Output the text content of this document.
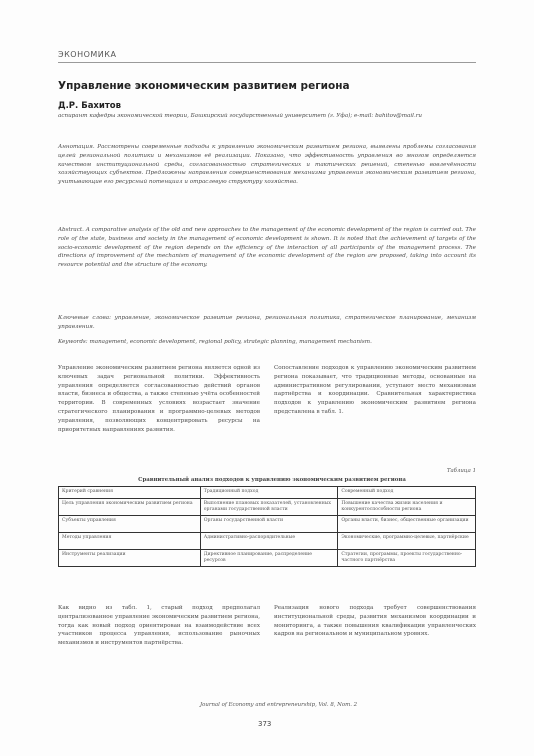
ЭКОНОМИКА
Управление экономическим развитием региона
Д.Р. Бахитов
аспирант кафедры экономической теории, Башкирский государственный университет (г. Уфа); e-mail: bahitov@mail.ru
Аннотация. Рассмотрены современные подходы к управлению экономическим развитием региона, выявлены проблемы согласования целей региональной политики и механизмов её реализации. Показано, что эффективность управления во многом определяется качеством институциональной среды, согласованностью стратегических и тактических решений, степенью вовлечённости хозяйствующих субъектов. Предложены направления совершенствования механизма управления экономическим развитием региона, учитывающие его ресурсный потенциал и отраслевую структуру хозяйства.
Abstract. A comparative analysis of the old and new approaches to the management of the economic development of the region is carried out. The role of the state, business and society in the management of economic development is shown. It is noted that the achievement of targets of the socio-economic development of the region depends on the efficiency of the interaction of all participants of the management process. The directions of improvement of the mechanism of management of the economic development of the region are proposed, taking into account its resource potential and the structure of the economy.
Ключевые слова: управление, экономическое развитие региона, региональная политика, стратегическое планирование, механизм управления.
Keywords: management, economic development, regional policy, strategic planning, management mechanism.
Управление экономическим развитием региона является одной из ключевых задач региональной политики. Эффективность управления определяется согласованностью действий органов власти, бизнеса и общества, а также степенью учёта особенностей территории. В современных условиях возрастает значение стратегического планирования и программно-целевых методов управления, позволяющих концентрировать ресурсы на приоритетных направлениях развития.
Сопоставление подходов к управлению экономическим развитием региона показывает, что традиционные методы, основанные на административном регулировании, уступают место механизмам партнёрства и координации. Сравнительная характеристика подходов к управлению экономическим развитием региона представлена в табл. 1.
Таблица 1
Сравнительный анализ подходов к управлению экономическим развитием региона
Критерий сравнения	Традиционный подход	Современный подход
Цель управления экономическим развитием региона	Выполнение плановых показателей, установленных органами государственной власти	Повышение качества жизни населения и конкурентоспособности региона
Субъекты управления	Органы государственной власти	Органы власти, бизнес, общественные организации
Методы управления	Административно-распорядительные	Экономические, программно-целевые, партнёрские
Инструменты реализации	Директивное планирование, распределение ресурсов	Стратегии, программы, проекты государственно-частного партнёрства
Как видно из табл. 1, старый подход предполагал централизованное управление экономическим развитием региона, тогда как новый подход ориентирован на взаимодействие всех участников процесса управления, использование рыночных механизмов и инструментов партнёрства.
Реализация нового подхода требует совершенствования институциональной среды, развития механизмов координации и мониторинга, а также повышения квалификации управленческих кадров на региональном и муниципальном уровнях.
Journal of Economy and entrepreneurship, Vol. 8, Nom. 2
373
